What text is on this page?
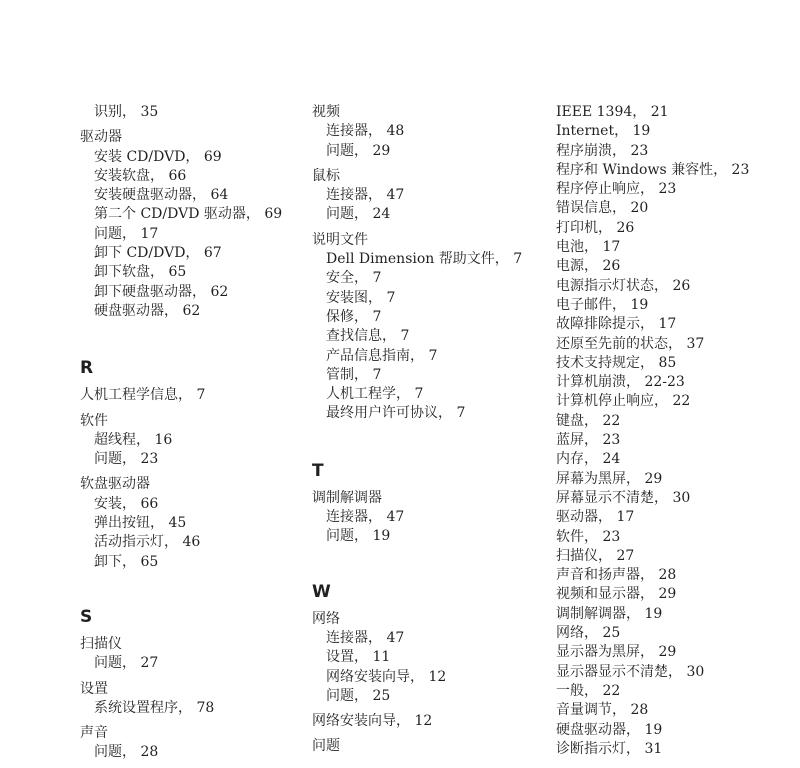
识别， 35
驱动器
安装 CD/DVD， 69
安装软盘， 66
安装硬盘驱动器， 64
第二个 CD/DVD 驱动器， 69
问题， 17
卸下 CD/DVD， 67
卸下软盘， 65
卸下硬盘驱动器， 62
硬盘驱动器， 62
R
人机工程学信息， 7
软件
超线程， 16
问题， 23
软盘驱动器
安装， 66
弹出按钮， 45
活动指示灯， 46
卸下， 65
S
扫描仪
问题， 27
设置
系统设置程序， 78
声音
问题， 28
视频
连接器， 48
问题， 29
鼠标
连接器， 47
问题， 24
说明文件
Dell Dimension 帮助文件， 7
安全， 7
安装图， 7
保修， 7
查找信息， 7
产品信息指南， 7
管制， 7
人机工程学， 7
最终用户许可协议， 7
T
调制解调器
连接器， 47
问题， 19
W
网络
连接器， 47
设置， 11
网络安装向导， 12
问题， 25
网络安装向导， 12
问题
IEEE 1394， 21
Internet， 19
程序崩溃， 23
程序和 Windows 兼容性， 23
程序停止响应， 23
错误信息， 20
打印机， 26
电池， 17
电源， 26
电源指示灯状态， 26
电子邮件， 19
故障排除提示， 17
还原至先前的状态， 37
技术支持规定， 85
计算机崩溃， 22-23
计算机停止响应， 22
键盘， 22
蓝屏， 23
内存， 24
屏幕为黑屏， 29
屏幕显示不清楚， 30
驱动器， 17
软件， 23
扫描仪， 27
声音和扬声器， 28
视频和显示器， 29
调制解调器， 19
网络， 25
显示器为黑屏， 29
显示器显示不清楚， 30
一般， 22
音量调节， 28
硬盘驱动器， 19
诊断指示灯， 31
